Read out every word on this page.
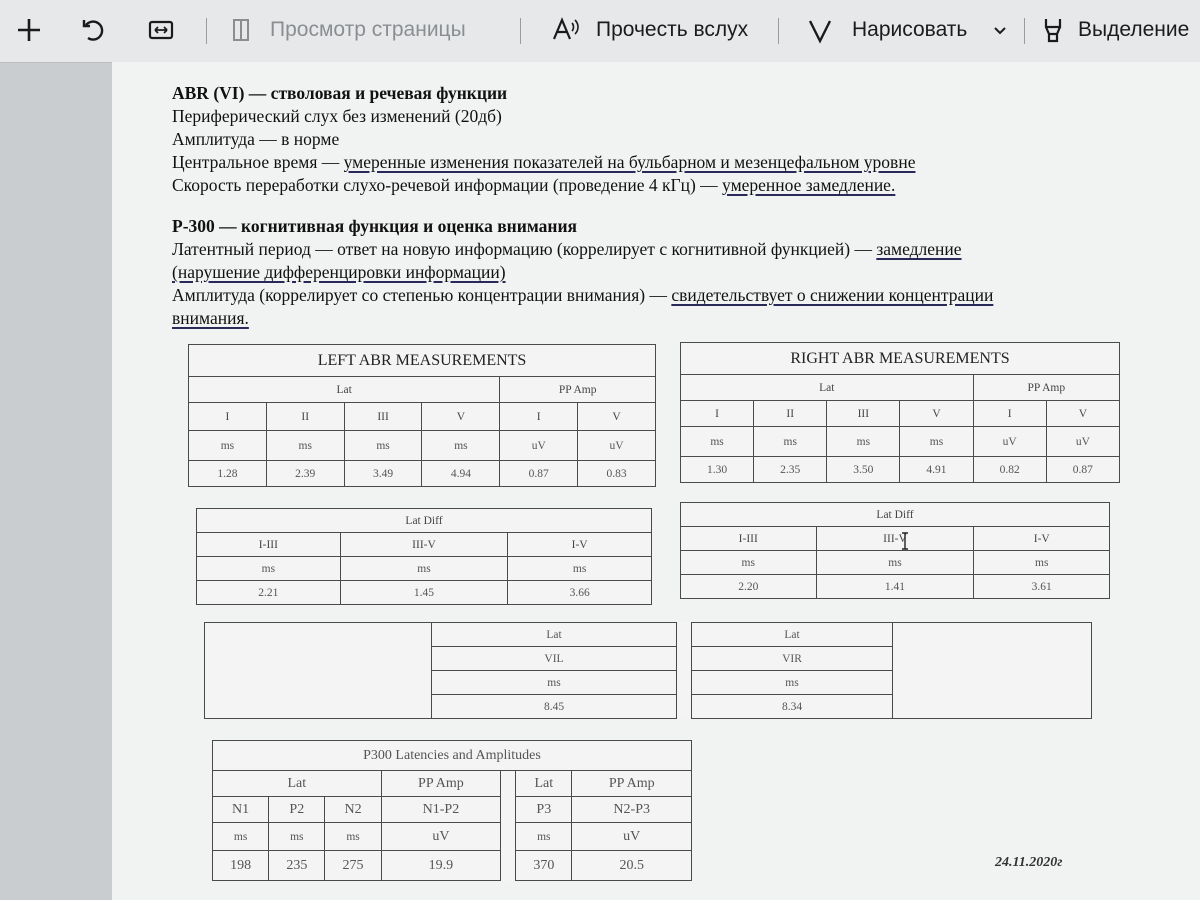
Просмотр страницы	Прочесть вслух	Нарисовать	Выделение
ABR (VI) — стволовая и речевая функции
Периферический слух без изменений (20дб)
Амплитуда — в норме
Центральное время — умеренные изменения показателей на бульбарном и мезенцефальном уровне
Скорость переработки слухо-речевой информации (проведение 4 кГц) — умеренное замедление.
P-300 — когнитивная функция и оценка внимания
Латентный период — ответ на новую информацию (коррелирует с когнитивной функцией) — замедление
(нарушение дифференцировки информации)
Амплитуда (коррелирует со степенью концентрации внимания) — свидетельствует о снижении концентрации
внимания.
LEFT ABR MEASUREMENTS					
Lat				PP Amp	
I	II	III	V	I	V
ms	ms	ms	ms	uV	uV
1.28	2.39	3.49	4.94	0.87	0.83
Lat Diff		
I-III	III-V	I-V
ms	ms	ms
2.21	1.45	3.66
RIGHT ABR MEASUREMENTS					
Lat				PP Amp	
I	II	III	V	I	V
ms	ms	ms	ms	uV	uV
1.30	2.35	3.50	4.91	0.82	0.87
Lat Diff		
I-III	III-V	I-V
ms	ms	ms
2.20	1.41	3.61
	Lat		Lat	
	VIL		VIR	
	ms		ms	
	8.45		8.34	
P300 Latencies and Amplitudes						
Lat			PP Amp		Lat	PP Amp
N1	P2	N2	N1-P2		P3	N2-P3
ms	ms	ms	uV		ms	uV
198	235	275	19.9		370	20.5	24.11.2020г
